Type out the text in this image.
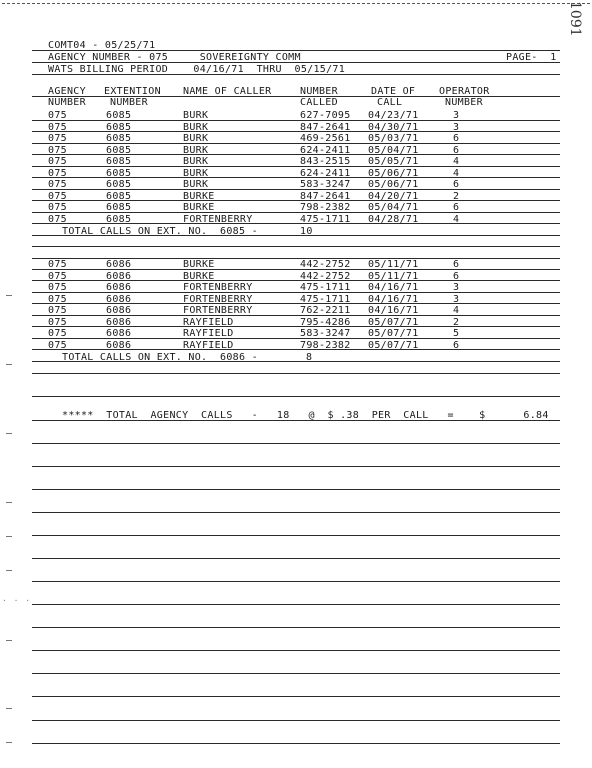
1091
COMT04 - 05/25/71
AGENCY NUMBER - 075     SOVEREIGNTY COMM	PAGE-  1
WATS BILLING PERIOD    04/16/71  THRU  05/15/71
AGENCY EXTENTION NAME OF CALLER	NUMBER	DATE OF OPERATOR
NUMBER NUMBER	CALLED	CALL	NUMBER
075	6085	BURK	627-7095 04/23/71	3
075	6085	BURK	847-2641 04/30/71	3
075	6085	BURK	469-2561 05/03/71	6
075	6085	BURK	624-2411 05/04/71	6
075	6085	BURK	843-2515 05/05/71	4
075	6085	BURK	624-2411 05/06/71	4
075	6085	BURK	583-3247 05/06/71	6
075	6085	BURKE	847-2641 04/20/71	2
075	6085	BURKE	798-2382 05/04/71	6
075	6085	FORTENBERRY	475-1711 04/28/71	4
TOTAL CALLS ON EXT. NO.  6085 -	10
075	6086	BURKE	442-2752 05/11/71	6
075	6086	BURKE	442-2752 05/11/71	6
075	6086	FORTENBERRY	475-1711 04/16/71	3
075	6086	FORTENBERRY	475-1711 04/16/71	3
075	6086	FORTENBERRY	762-2211 04/16/71	4
075	6086	RAYFIELD	795-4286 05/07/71	2
075	6086	RAYFIELD	583-3247 05/07/71	5
075	6086	RAYFIELD	798-2382 05/07/71	6
TOTAL CALLS ON EXT. NO.  6086 -	8
*****  TOTAL  AGENCY  CALLS   -   18   @  $ .38  PER  CALL   =    $      6.84
. . .
